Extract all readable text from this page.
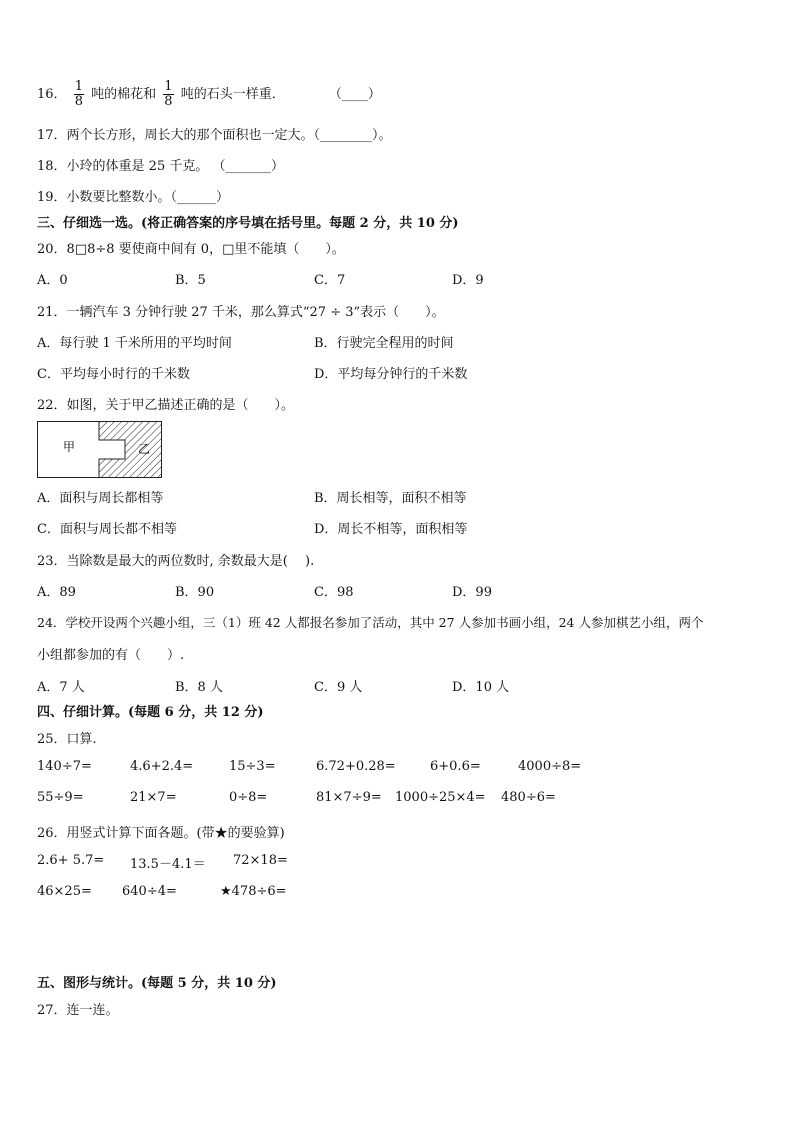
16． $\frac{1}{8}$ 吨的棉花和 $\frac{1}{8}$ 吨的石头一样重．	（____）
17．两个长方形，周长大的那个面积也一定大。（________）。
18．小玲的体重是 25 千克。 （_______）
19．小数要比整数小。（______）
三、仔细选一选。(将正确答案的序号填在括号里。每题 2 分，共 10 分)
20．8□8÷8 要使商中间有 0，□里不能填（　　）。
A．0	B．5	C．7	D．9
21．一辆汽车 3 分钟行驶 27 千米，那么算式“27 ÷ 3”表示（　　）。
A．每行驶 1 千米所用的平均时间	B．行驶完全程用的时间
C．平均每小时行的千米数	D．平均每分钟行的千米数
22．如图，关于甲乙描述正确的是（　　）。
甲	乙
A．面积与周长都相等	B．周长相等，面积不相等
C．面积与周长都不相等	D．周长不相等，面积相等
23．当除数是最大的两位数时, 余数最大是(　 ).
A．89	B．90	C．98	D．99
24．学校开设两个兴趣小组，三（1）班 42 人都报名参加了活动，其中 27 人参加书画小组，24 人参加棋艺小组，两个
小组都参加的有（　　）.
A．7 人	B．8 人	C．9 人	D．10 人
四、仔细计算。(每题 6 分，共 12 分)
25．口算.
140÷7=	4.6+2.4=	15÷3=	6.72+0.28=	6+0.6=	4000÷8=
55÷9=	21×7=	0÷8=	81×7÷9= 1000÷25×4= 480÷6=
26．用竖式计算下面各题。(带★的要验算)
2.6+ 5.7= 13.5－4.1＝ 72×18=
46×25= 640÷4=	★478÷6=
五、图形与统计。(每题 5 分，共 10 分)
27．连一连。
